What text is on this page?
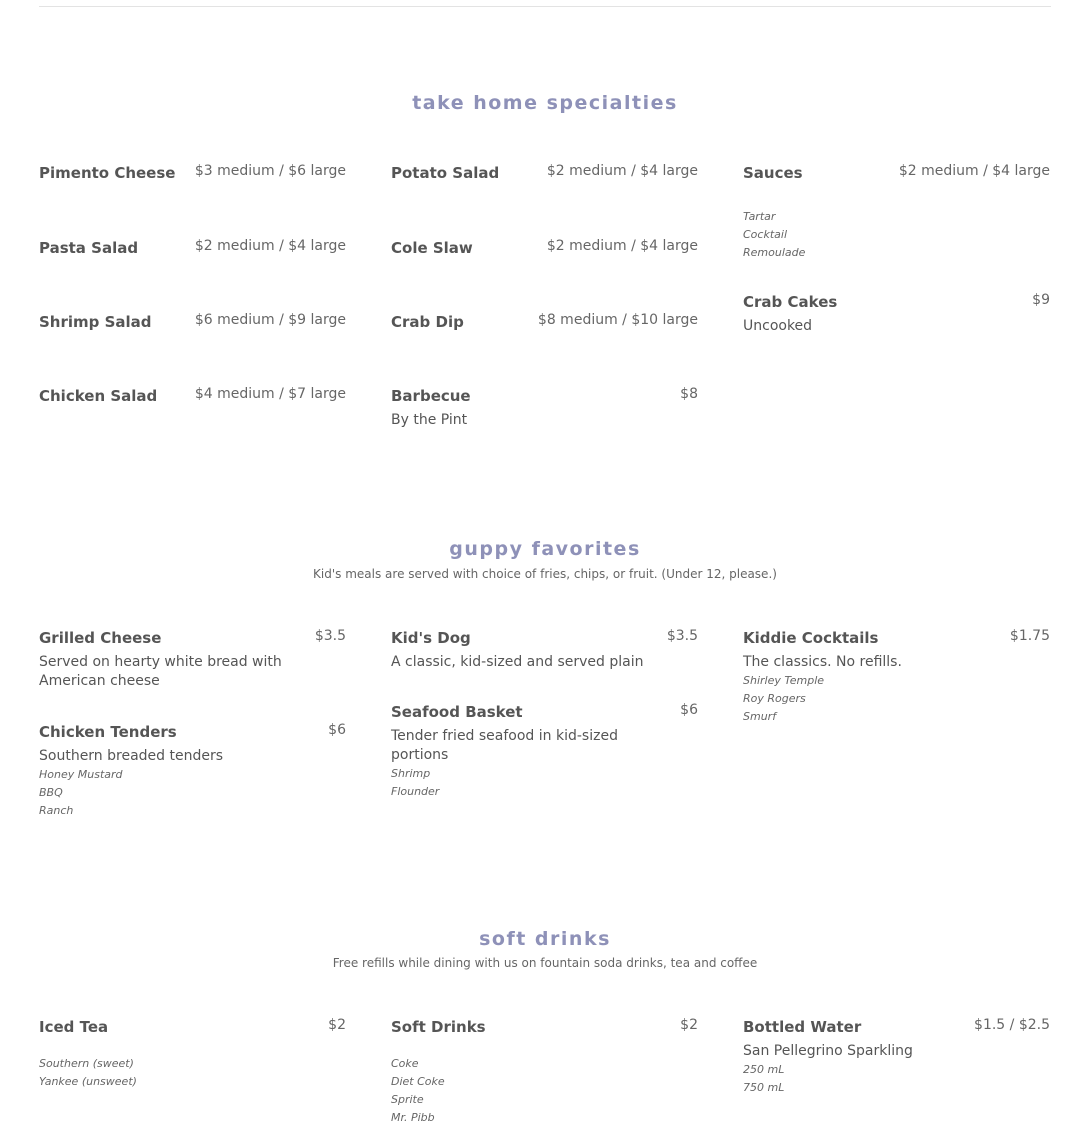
take home specialties
Pimento Cheese $3 medium / $6 large	Potato Salad	$2 medium / $4 large	Sauces	$2 medium / $4 large
Tartar
Cocktail
Remoulade
Pasta Salad	$2 medium / $4 large	Cole Slaw	$2 medium / $4 large
Crab Cakes	$9
Uncooked
Shrimp Salad	$6 medium / $9 large	Crab Dip	$8 medium / $10 large
Chicken Salad	$4 medium / $7 large	Barbecue	$8
By the Pint
guppy favorites
Kid's meals are served with choice of fries, chips, or fruit. (Under 12, please.)
Grilled Cheese	$3.5
Served on hearty white bread with American cheese
Kid's Dog	$3.5
A classic, kid-sized and served plain
Kiddie Cocktails	$1.75
The classics. No refills.
Shirley Temple
Roy Rogers
Smurf
Chicken Tenders	$6
Southern breaded tenders
Honey Mustard
BBQ
Ranch
Seafood Basket	$6
Tender fried seafood in kid-sized portions
Shrimp
Flounder
soft drinks
Free refills while dining with us on fountain soda drinks, tea and coffee
Iced Tea	$2
Southern (sweet)
Yankee (unsweet)
Soft Drinks	$2
Coke
Diet Coke
Sprite
Mr. Pibb
Bottled Water	$1.5 / $2.5
San Pellegrino Sparkling
250 mL
750 mL
